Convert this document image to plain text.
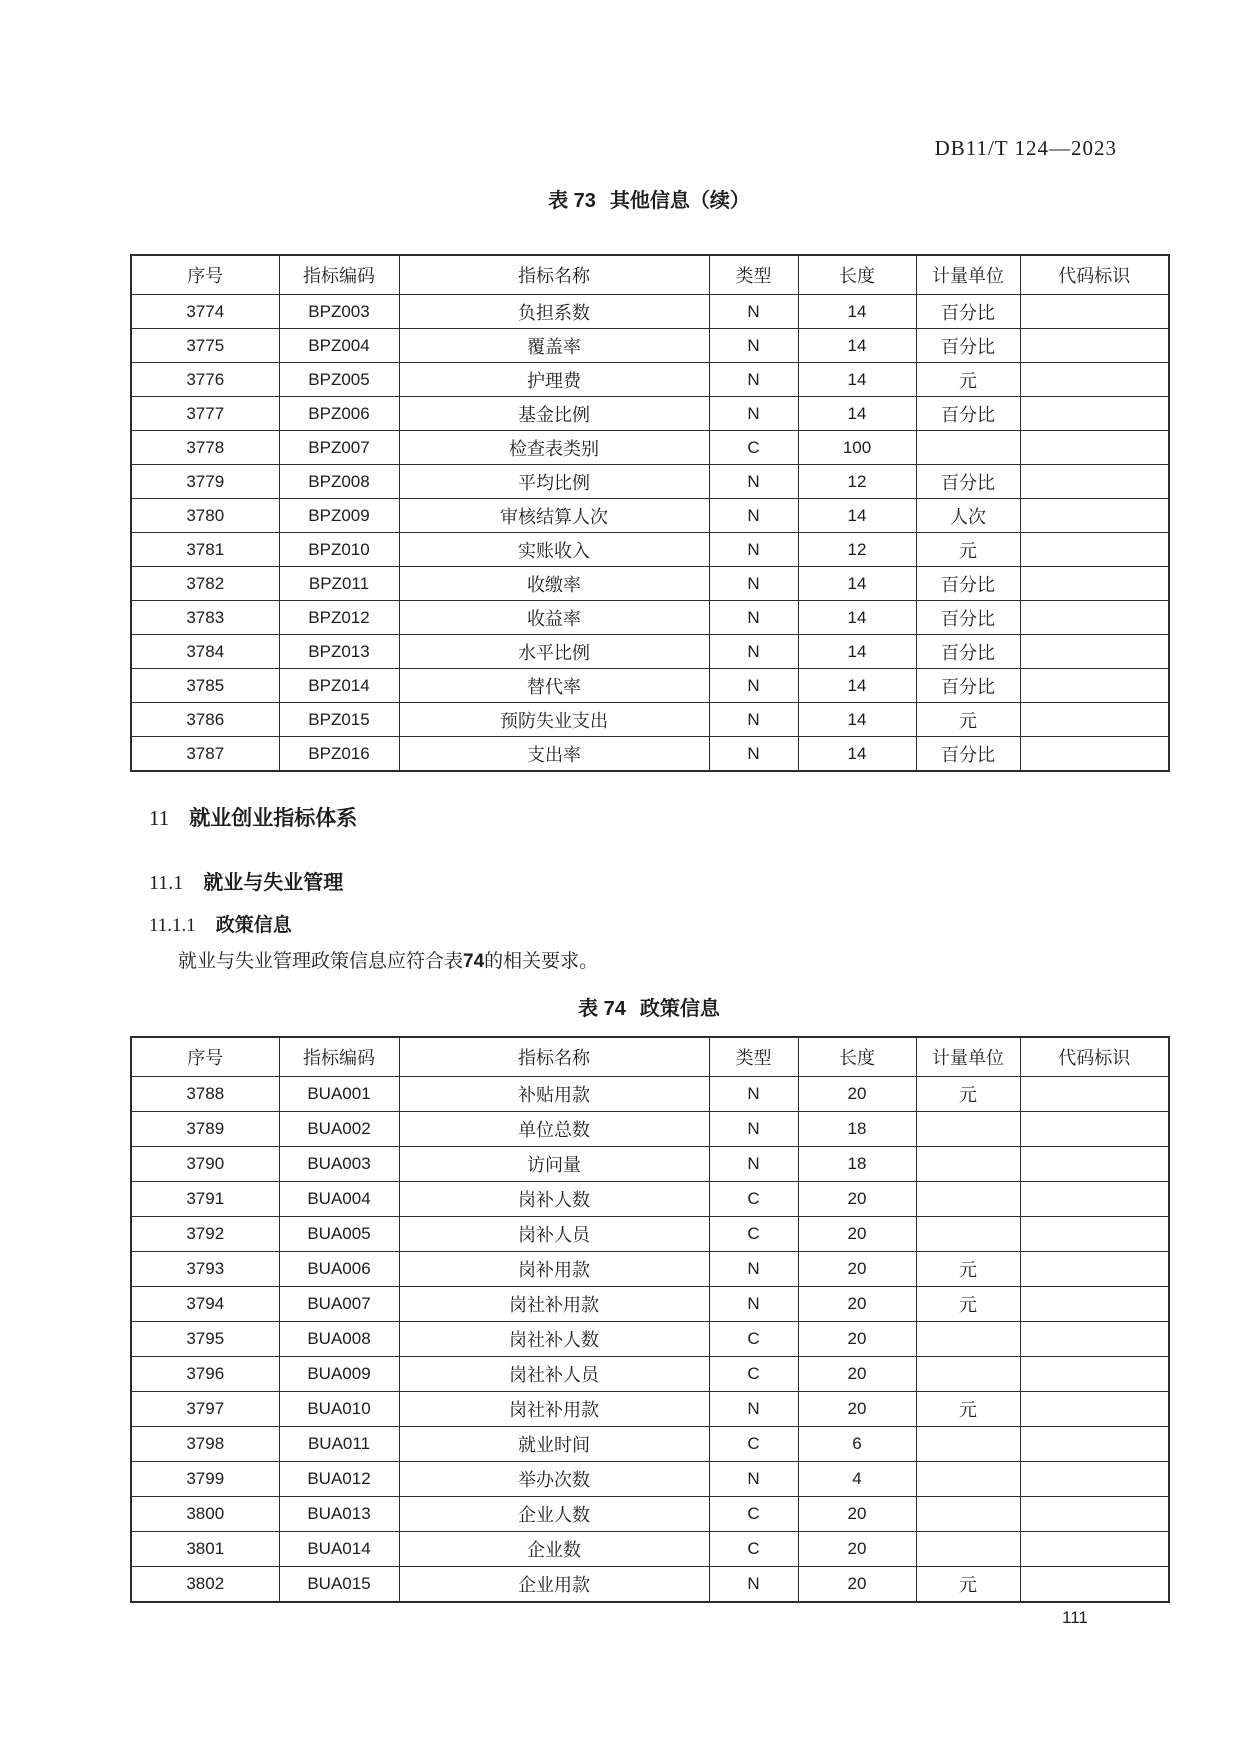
DB11/T 124—2023
表 73 其他信息（续）
序号	指标编码	指标名称	类型	长度	计量单位	代码标识
3774	BPZ003	负担系数	N	14	百分比	
3775	BPZ004	覆盖率	N	14	百分比	
3776	BPZ005	护理费	N	14	元	
3777	BPZ006	基金比例	N	14	百分比	
3778	BPZ007	检查表类别	C	100		
3779	BPZ008	平均比例	N	12	百分比	
3780	BPZ009	审核结算人次	N	14	人次	
3781	BPZ010	实账收入	N	12	元	
3782	BPZ011	收缴率	N	14	百分比	
3783	BPZ012	收益率	N	14	百分比	
3784	BPZ013	水平比例	N	14	百分比	
3785	BPZ014	替代率	N	14	百分比	
3786	BPZ015	预防失业支出	N	14	元	
3787	BPZ016	支出率	N	14	百分比	
11 就业创业指标体系
11.1 就业与失业管理
11.1.1 政策信息
就业与失业管理政策信息应符合表74的相关要求。
表 74 政策信息
序号	指标编码	指标名称	类型	长度	计量单位	代码标识
3788	BUA001	补贴用款	N	20	元	
3789	BUA002	单位总数	N	18		
3790	BUA003	访问量	N	18		
3791	BUA004	岗补人数	C	20		
3792	BUA005	岗补人员	C	20		
3793	BUA006	岗补用款	N	20	元	
3794	BUA007	岗社补用款	N	20	元	
3795	BUA008	岗社补人数	C	20		
3796	BUA009	岗社补人员	C	20		
3797	BUA010	岗社补用款	N	20	元	
3798	BUA011	就业时间	C	6		
3799	BUA012	举办次数	N	4		
3800	BUA013	企业人数	C	20		
3801	BUA014	企业数	C	20		
3802	BUA015	企业用款	N	20	元	
111
